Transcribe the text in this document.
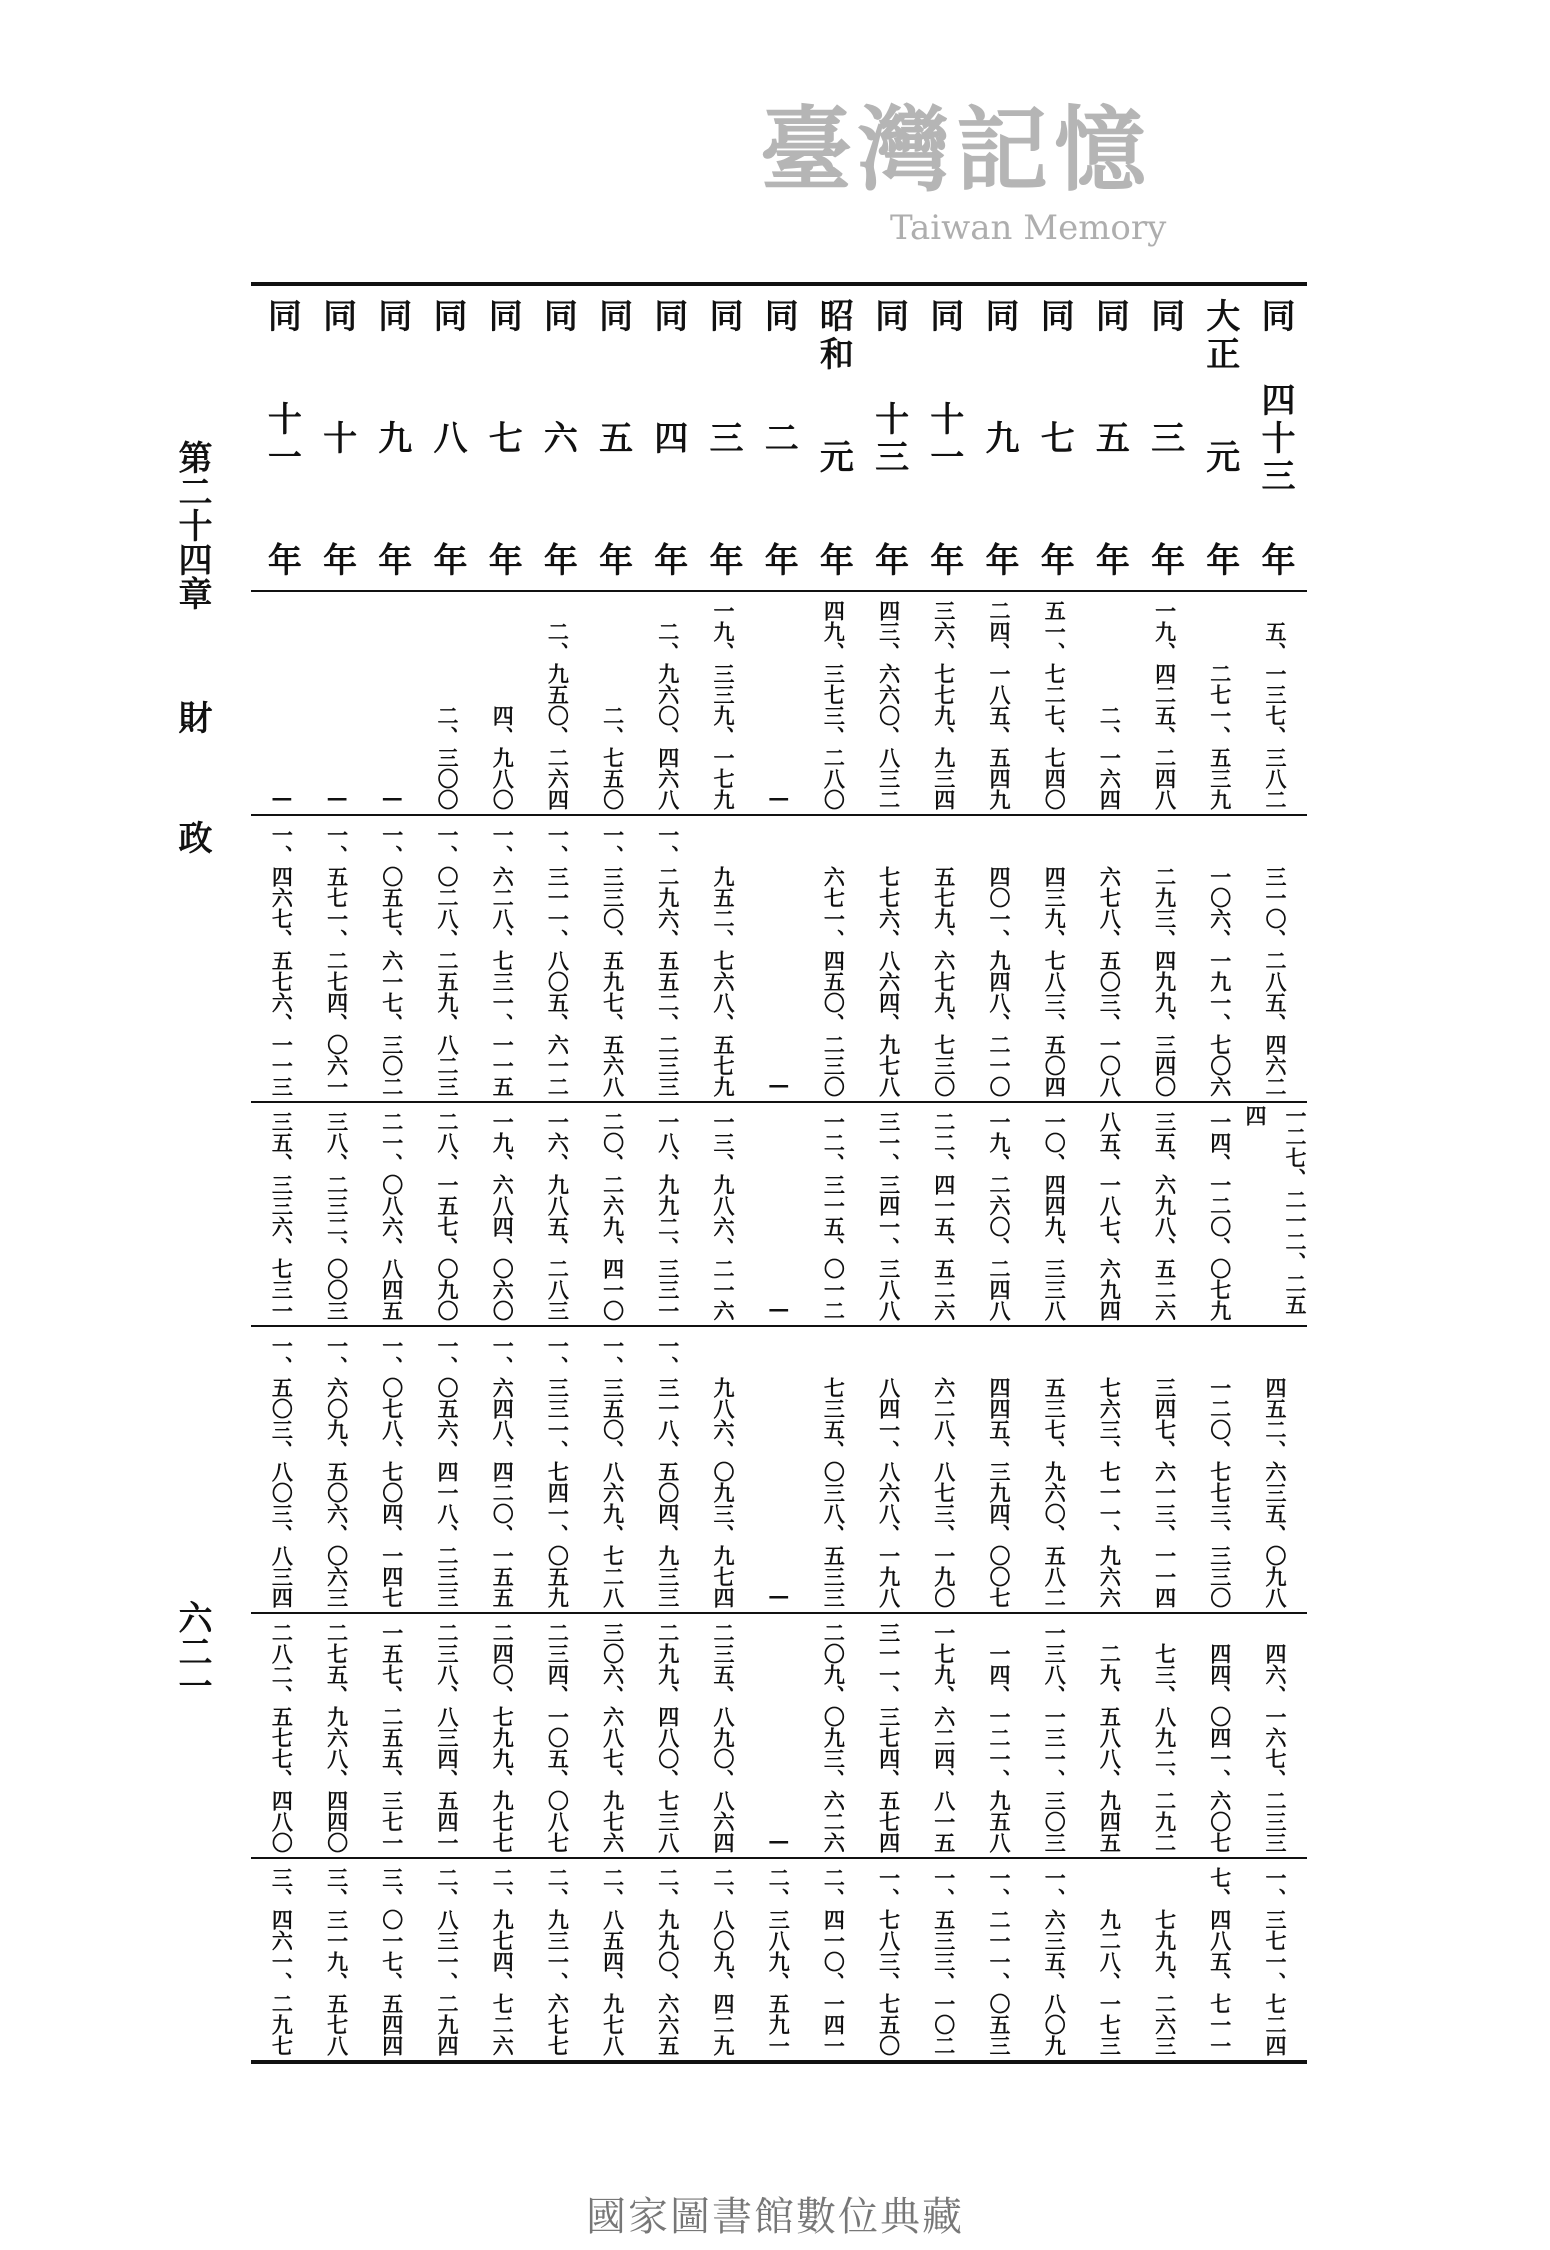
同
四十三
年
大正
元
年
同
三
年
同
五
年
同
七
年
同
九
年
同
十一
年
同
十三
年
昭和
元
年
同
二
年
同
三
年
同
四
年
同
五
年
同
六
年
同
七
年
同
八
年
同
九
年
同
十
年
同
十一
年
五、一三七、三八二
二七一、五三九
一九、四二五、二四八
二、一六四
五一、七二七、七四〇
二四、一八五、五四九
三六、七七九、九三四
四三、六六〇、八三二
四九、三七三、二八〇
—
一九、三三九、一七九
二、九六〇、四六八
二、七五〇
二、九五〇、二六四
四、九八〇
二、三〇〇
—
—
—
三一〇、二八五、四六二
一〇六、一九一、七〇六
二九三、四九九、三四〇
六七八、五〇三、一〇八
四三九、七八三、五〇四
四〇一、九四八、二一〇
五七九、六七九、七三〇
七七六、八六四、九七八
六七一、四五〇、二三〇
—
九五二、七六八、五七九
一、二九六、五五二、二三三
一、三三〇、五九七、五六八
一、三一一、八〇五、六一二
一、六二八、七三一、一一五
一、〇二八、二五九、八二三
一、〇五七、六一七、三〇二
一、五七一、二七四、〇六一
一、四六七、五七六、一一三
一二七、二一二、二五四
一四、一二〇、〇七九
三五、六九八、五二六
八五、一八七、六九四
一〇、四四九、三三八
一九、二六〇、二四八
二二、四一五、五二六
三一、三四一、三八八
一二、三一五、〇一二
—
一三、九八六、二一六
一八、九九二、三三一
二〇、二六九、四一〇
一六、九八五、二八三
一九、六八四、〇六〇
二八、一五七、〇九〇
二一、〇八六、八四五
三八、二三二、〇〇三
三五、三三六、七三一
四五二、六三五、〇九八
一二〇、七七三、三三〇
三四七、六一三、一一四
七六三、七一一、九六六
五三七、九六〇、五八二
四四五、三九四、〇〇七
六二八、八七三、一九〇
八四一、八六八、一九八
七三五、〇三八、五三三
—
九八六、〇九三、九七四
一、三一八、五〇四、九三三
一、三五〇、八六九、七二八
一、三三一、七四一、〇五九
一、六四八、四二〇、一五五
一、〇五六、四一八、二三三
一、〇七八、七〇四、一四七
一、六〇九、五〇六、〇六三
一、五〇三、八〇三、八三四
四六、一六七、二三三
四四、〇四一、六〇七
七三、八九二、二九二
二九、五八八、九四五
一三八、一三一、三〇三
一四、一二一、九五八
一七九、六二四、八一五
三一一、三七四、五七四
二〇九、〇九三、六二六
—
二三五、八九〇、八六四
二九九、四八〇、七三八
三〇六、六八七、九七六
二三四、一〇五、〇八七
二四〇、七九九、九七七
二三八、八三四、五四一
一五七、二五五、三七一
二七五、九六八、四四〇
二八二、五七七、四八〇
一、三七一、七二四
七、四八五、七一一
七九九、二六三
九二八、一七三
一、六三五、八〇九
一、二一一、〇五三
一、五三三、一〇二
一、七八三、七五〇
二、四一〇、一四一
二、三八九、五九一
二、八〇九、四二九
二、九九〇、六六五
二、八五四、九七八
二、九三一、六七七
二、九七四、七二六
二、八三一、二九四
三、〇一七、五四四
三、三一九、五七八
三、四六一、二九七
第二十四章
財
政
六二一
臺灣記憶
Taiwan Memory
國家圖書館數位典藏
